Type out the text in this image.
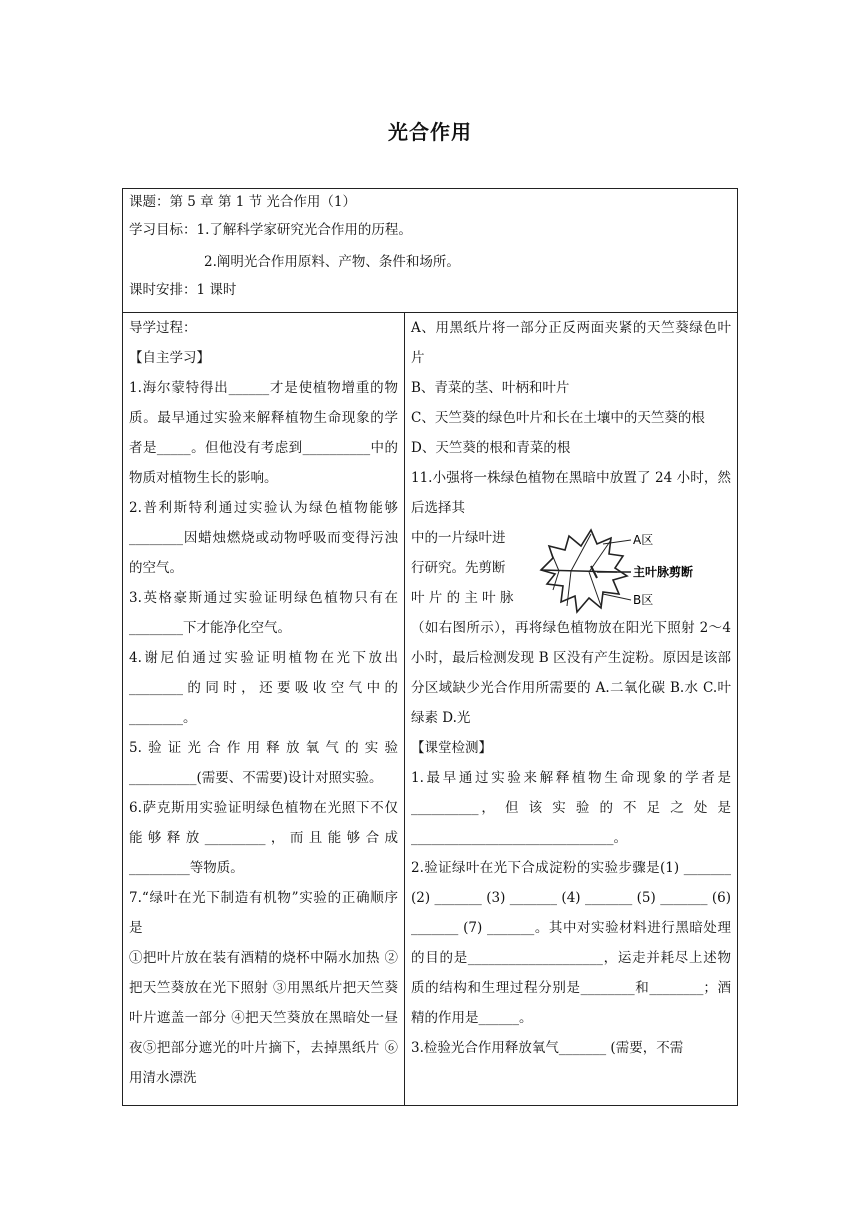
光合作用
课题：第 5 章 第 1 节 光合作用（1）
学习目标：1.了解科学家研究光合作用的历程。
2.阐明光合作用原料、产物、条件和场所。
课时安排：1 课时

导学过程：

【自主学习】

1.海尔蒙特得出______才是使植物增重的物质。最早通过实验来解释植物生命现象的学者是_____。但他没有考虑到__________中的物质对植物生长的影响。

2.普利斯特利通过实验认为绿色植物能够________因蜡烛燃烧或动物呼吸而变得污浊的空气。

3.英格豪斯通过实验证明绿色植物只有在________下才能净化空气。

4.谢尼伯通过实验证明植物在光下放出________的同时，还要吸收空气中的________。

5.验证光合作用释放氧气的实验__________(需要、不需要)设计对照实验。

6.萨克斯用实验证明绿色植物在光照下不仅能够释放_________，而且能够合成_________等物质。

7.“绿叶在光下制造有机物”实验的正确顺序是

①把叶片放在装有酒精的烧杯中隔水加热 ②把天竺葵放在光下照射 ③用黑纸片把天竺葵叶片遮盖一部分 ④把天竺葵放在黑暗处一昼夜⑤把部分遮光的叶片摘下，去掉黑纸片 ⑥用清水漂洗

A、用黑纸片将一部分正反两面夹紧的天竺葵绿色叶片

B、青菜的茎、叶柄和叶片

C、天竺葵的绿色叶片和长在土壤中的天竺葵的根

D、天竺葵的根和青菜的根

11.小强将一株绿色植物在黑暗中放置了 24 小时，然后选择其

中的一片绿叶进

行研究。先剪断

叶 片 的 主 叶 脉

（如右图所示），再将绿色植物放在阳光下照射 2～4 小时，最后检测发现 B 区没有产生淀粉。原因是该部分区域缺少光合作用所需要的 A.二氧化碳 B.水 C.叶绿素 D.光

【课堂检测】

1.最早通过实验来解释植物生命现象的学者是__________， 但 该 实 验 的 不 足 之 处 是______________________________。

2.验证绿叶在光下合成淀粉的实验步骤是(1) _______ (2) _______ (3) _______ (4) _______ (5) _______ (6) _______ (7) _______。其中对实验材料进行黑暗处理的目的是____________________，运走并耗尽上述物质的结构和生理过程分别是________和________；酒精的作用是______。

3.检验光合作用释放氧气_______ (需要，不需

A区
主叶脉剪断
B区
